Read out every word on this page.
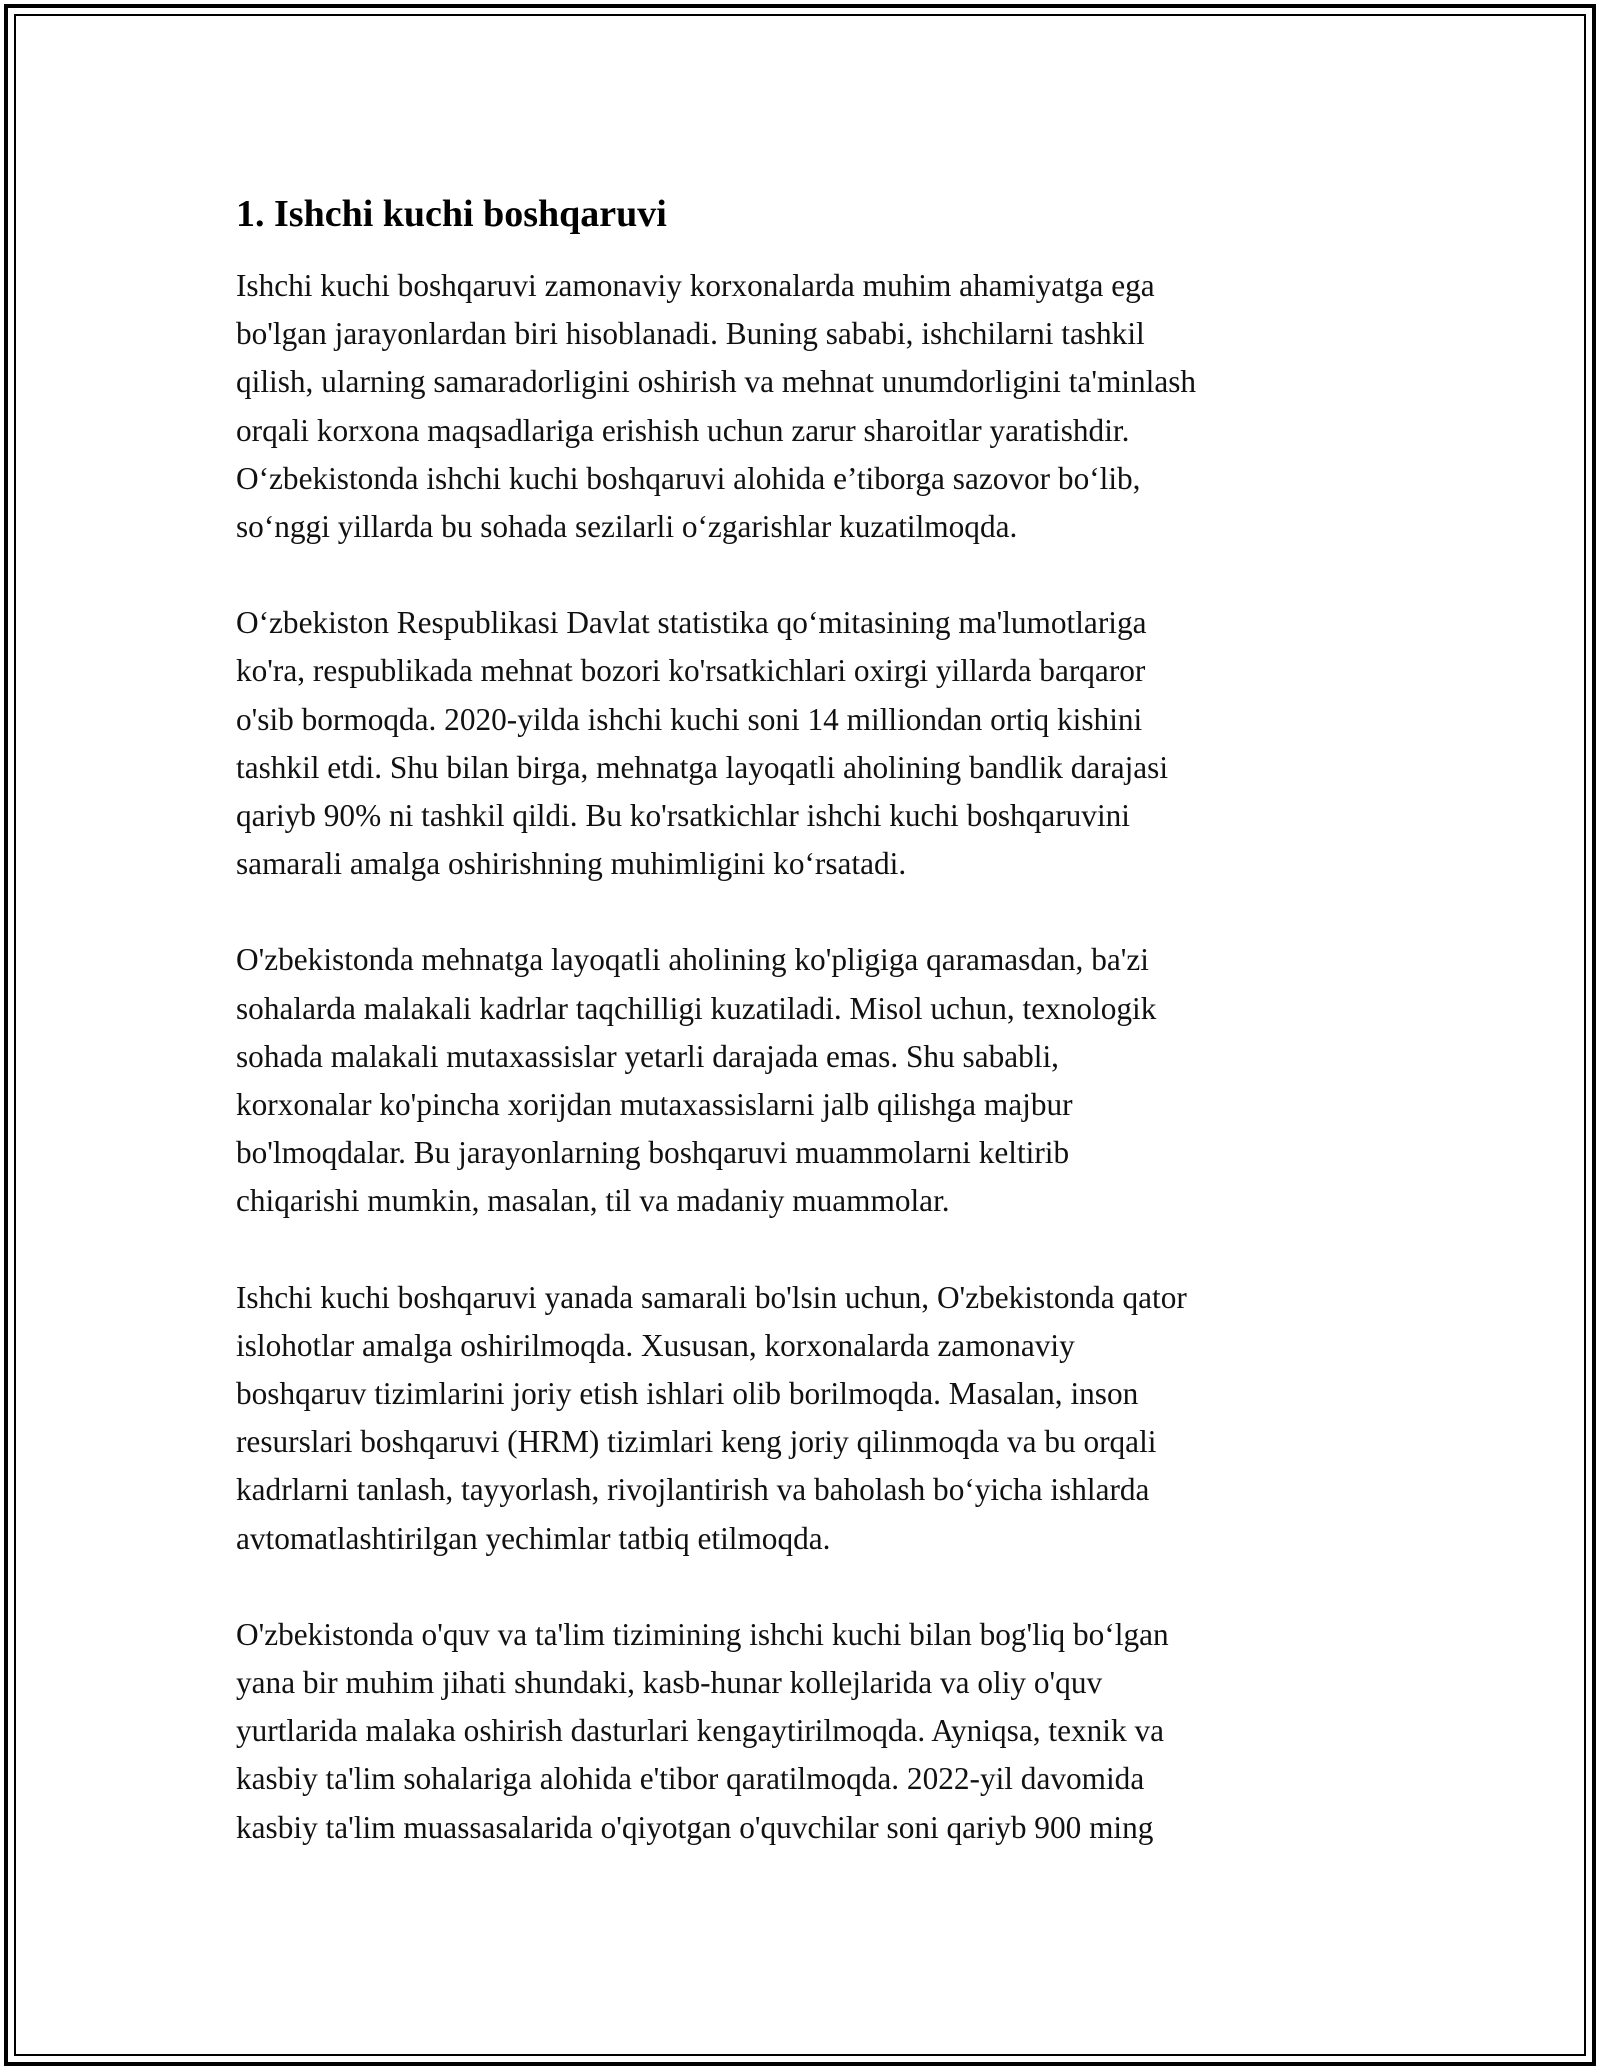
1. Ishchi kuchi boshqaruvi

Ishchi kuchi boshqaruvi zamonaviy korxonalarda muhim ahamiyatga ega
bo'lgan jarayonlardan biri hisoblanadi. Buning sababi, ishchilarni tashkil
qilish, ularning samaradorligini oshirish va mehnat unumdorligini ta'minlash
orqali korxona maqsadlariga erishish uchun zarur sharoitlar yaratishdir.
O‘zbekistonda ishchi kuchi boshqaruvi alohida e’tiborga sazovor bo‘lib,
so‘nggi yillarda bu sohada sezilarli o‘zgarishlar kuzatilmoqda.

O‘zbekiston Respublikasi Davlat statistika qo‘mitasining ma'lumotlariga
ko'ra, respublikada mehnat bozori ko'rsatkichlari oxirgi yillarda barqaror
o'sib bormoqda. 2020-yilda ishchi kuchi soni 14 milliondan ortiq kishini
tashkil etdi. Shu bilan birga, mehnatga layoqatli aholining bandlik darajasi
qariyb 90% ni tashkil qildi. Bu ko'rsatkichlar ishchi kuchi boshqaruvini
samarali amalga oshirishning muhimligini ko‘rsatadi.

O'zbekistonda mehnatga layoqatli aholining ko'pligiga qaramasdan, ba'zi
sohalarda malakali kadrlar taqchilligi kuzatiladi. Misol uchun, texnologik
sohada malakali mutaxassislar yetarli darajada emas. Shu sababli,
korxonalar ko'pincha xorijdan mutaxassislarni jalb qilishga majbur
bo'lmoqdalar. Bu jarayonlarning boshqaruvi muammolarni keltirib
chiqarishi mumkin, masalan, til va madaniy muammolar.

Ishchi kuchi boshqaruvi yanada samarali bo'lsin uchun, O'zbekistonda qator
islohotlar amalga oshirilmoqda. Xususan, korxonalarda zamonaviy
boshqaruv tizimlarini joriy etish ishlari olib borilmoqda. Masalan, inson
resurslari boshqaruvi (HRM) tizimlari keng joriy qilinmoqda va bu orqali
kadrlarni tanlash, tayyorlash, rivojlantirish va baholash bo‘yicha ishlarda
avtomatlashtirilgan yechimlar tatbiq etilmoqda.

O'zbekistonda o'quv va ta'lim tizimining ishchi kuchi bilan bog'liq bo‘lgan
yana bir muhim jihati shundaki, kasb-hunar kollejlarida va oliy o'quv
yurtlarida malaka oshirish dasturlari kengaytirilmoqda. Ayniqsa, texnik va
kasbiy ta'lim sohalariga alohida e'tibor qaratilmoqda. 2022-yil davomida
kasbiy ta'lim muassasalarida o'qiyotgan o'quvchilar soni qariyb 900 ming
